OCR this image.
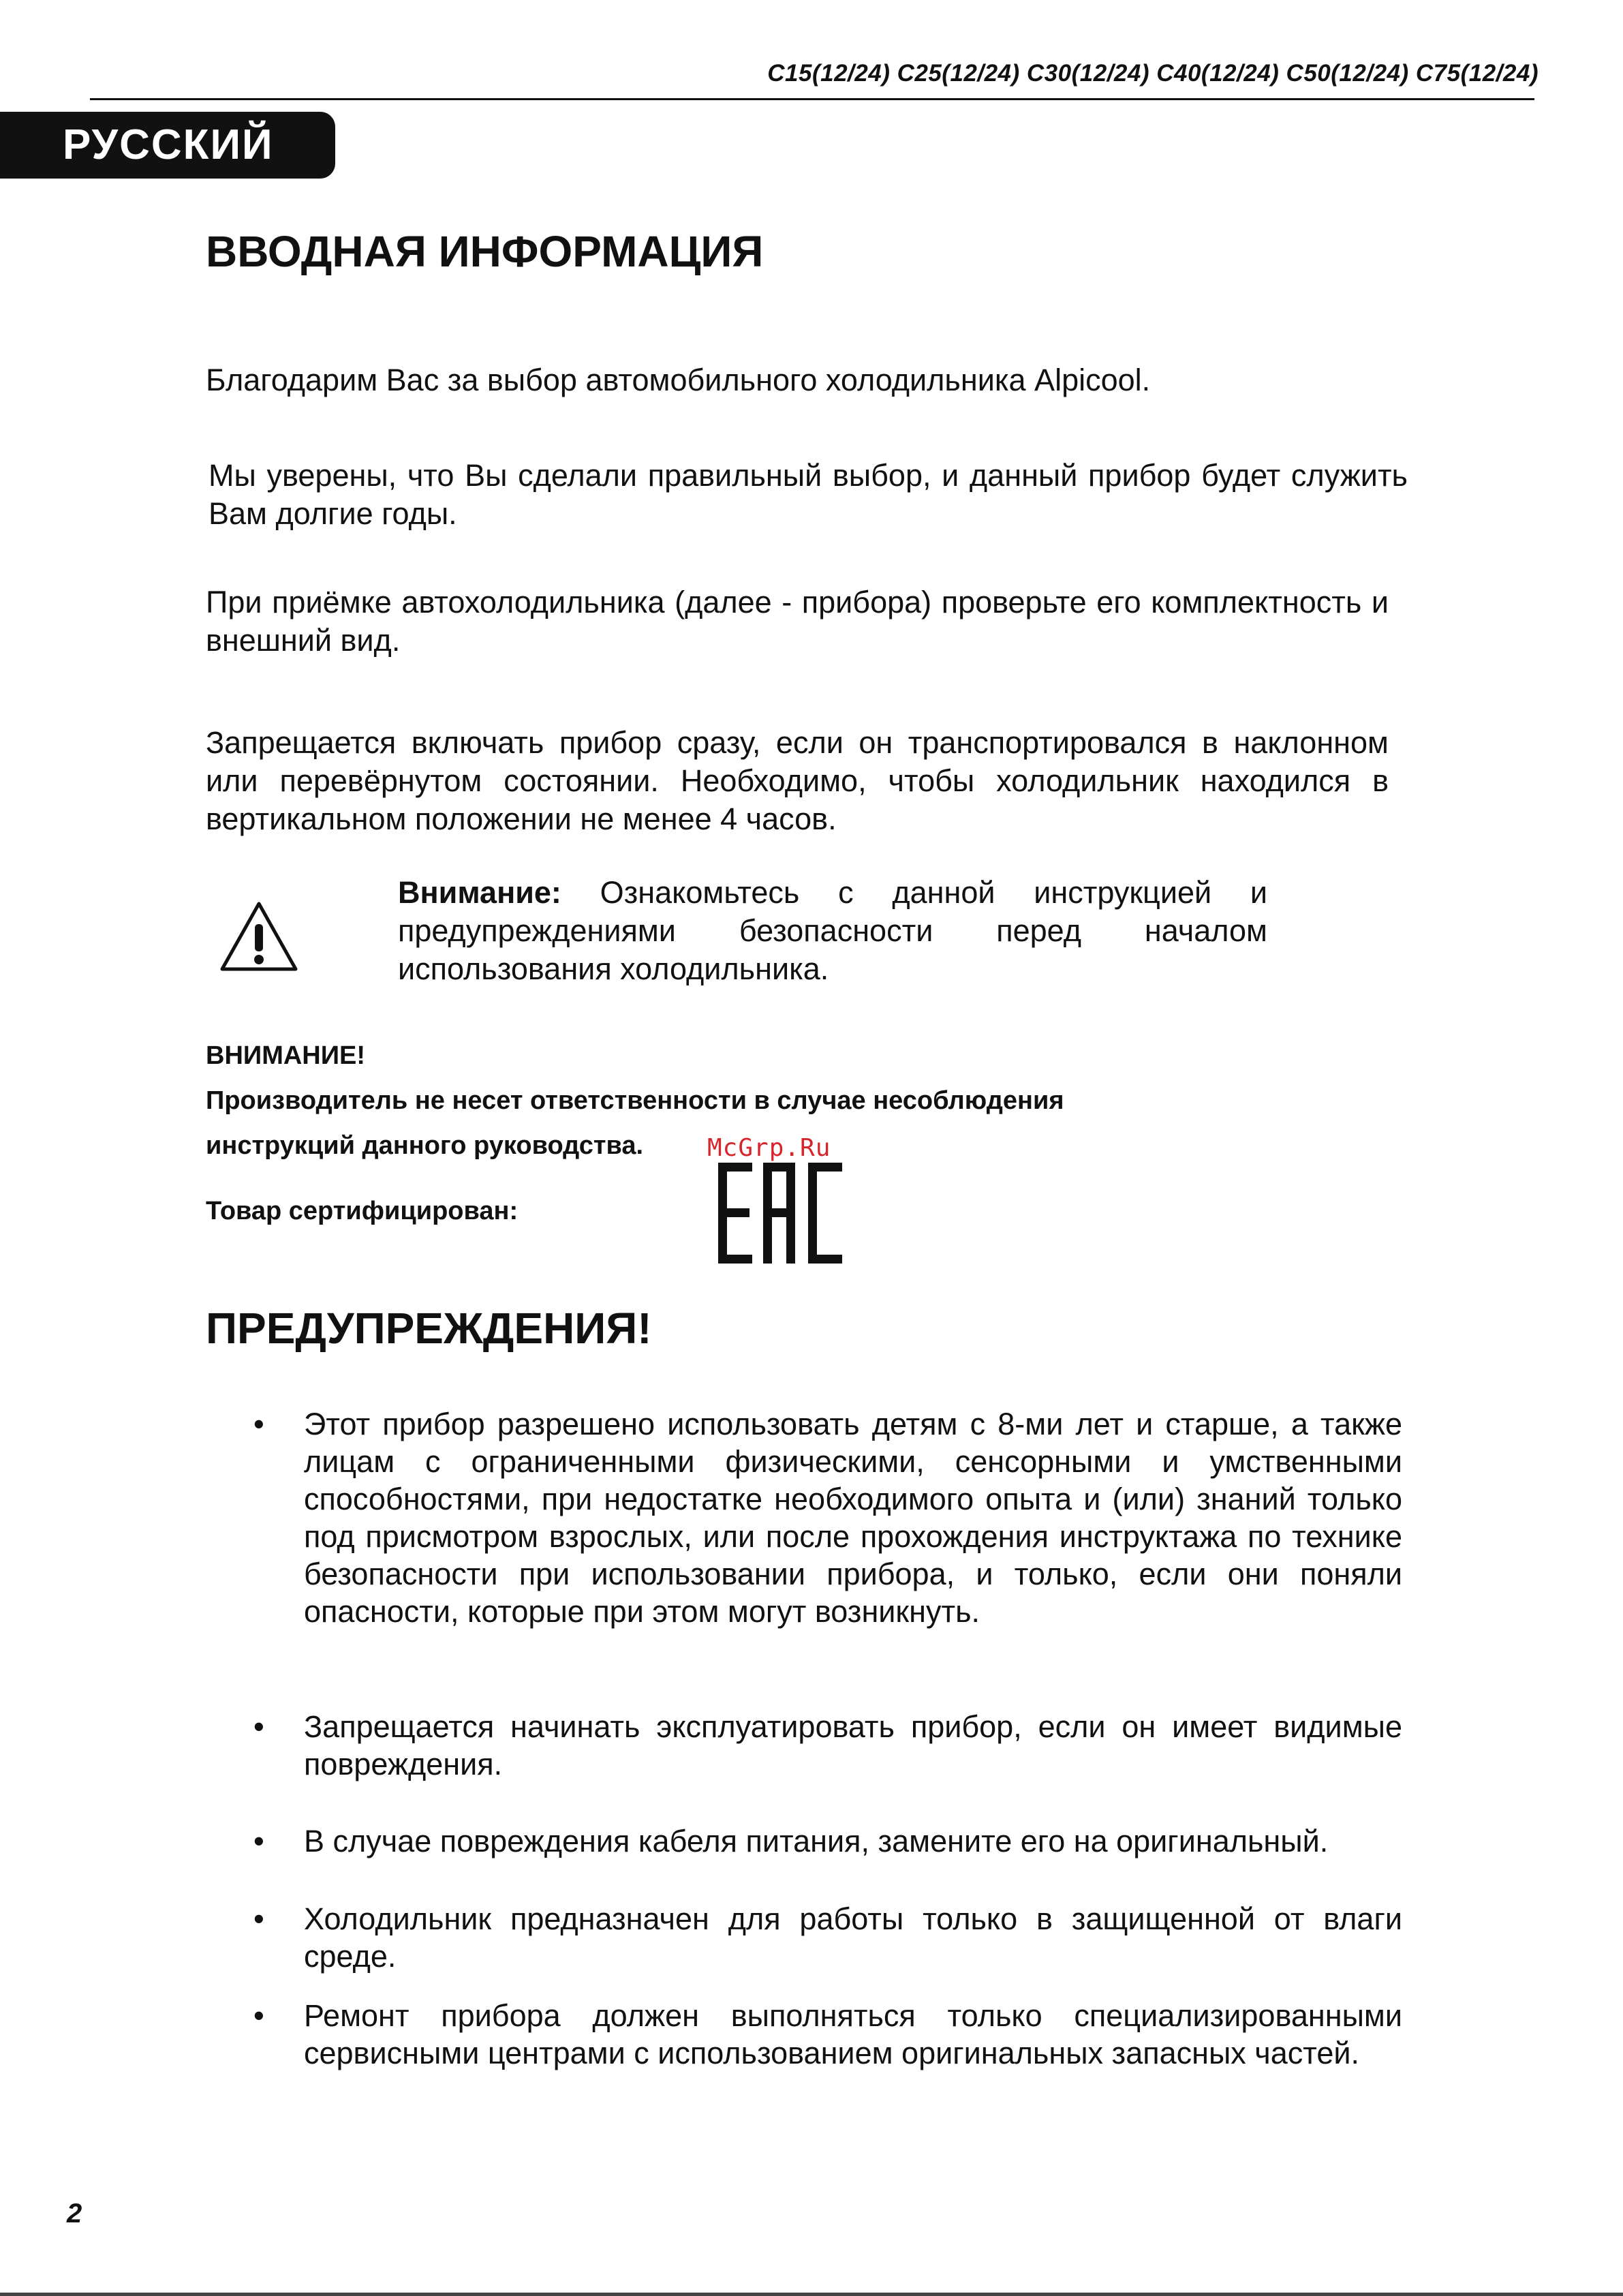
C15(12/24) C25(12/24) C30(12/24) C40(12/24) C50(12/24) C75(12/24)
РУССКИЙ
ВВОДНАЯ ИНФОРМАЦИЯ
Благодарим Вас за выбор автомобильного холодильника Alpicool.
Мы уверены, что Вы сделали правильный выбор, и данный прибор будет служить Вам долгие годы.
При приёмке автохолодильника (далее - прибора) проверьте его комплектность и внешний вид.
Запрещается включать прибор сразу, если он транспортировался в наклонном или перевёрнутом состоянии. Необходимо, чтобы холодильник находился в вертикальном положении не менее 4 часов.
Внимание: Ознакомьтесь с данной инструкцией и предупреждениями безопасности перед началом использования холодильника.
ВНИМАНИЕ!
Производитель не несет ответственности в случае несоблюдения
инструкций данного руководства.
Товар сертифицирован:
McGrp.Ru
ПРЕДУПРЕЖДЕНИЯ!
• Этот прибор разрешено использовать детям с 8-ми лет и старше, а также лицам с ограниченными физическими, сенсорными и умственными способностями, при недостатке необходимого опыта и (или) знаний только под присмотром взрослых, или после прохождения инструктажа по технике безопасности при использовании прибора, и только, если они поняли опасности, которые при этом могут возникнуть.
• Запрещается начинать эксплуатировать прибор, если он имеет видимые повреждения.
• В случае повреждения кабеля питания, замените его на оригинальный.
• Холодильник предназначен для работы только в защищенной от влаги среде.
• Ремонт прибора должен выполняться только специализированными сервисными центрами с использованием оригинальных запасных частей.
2
